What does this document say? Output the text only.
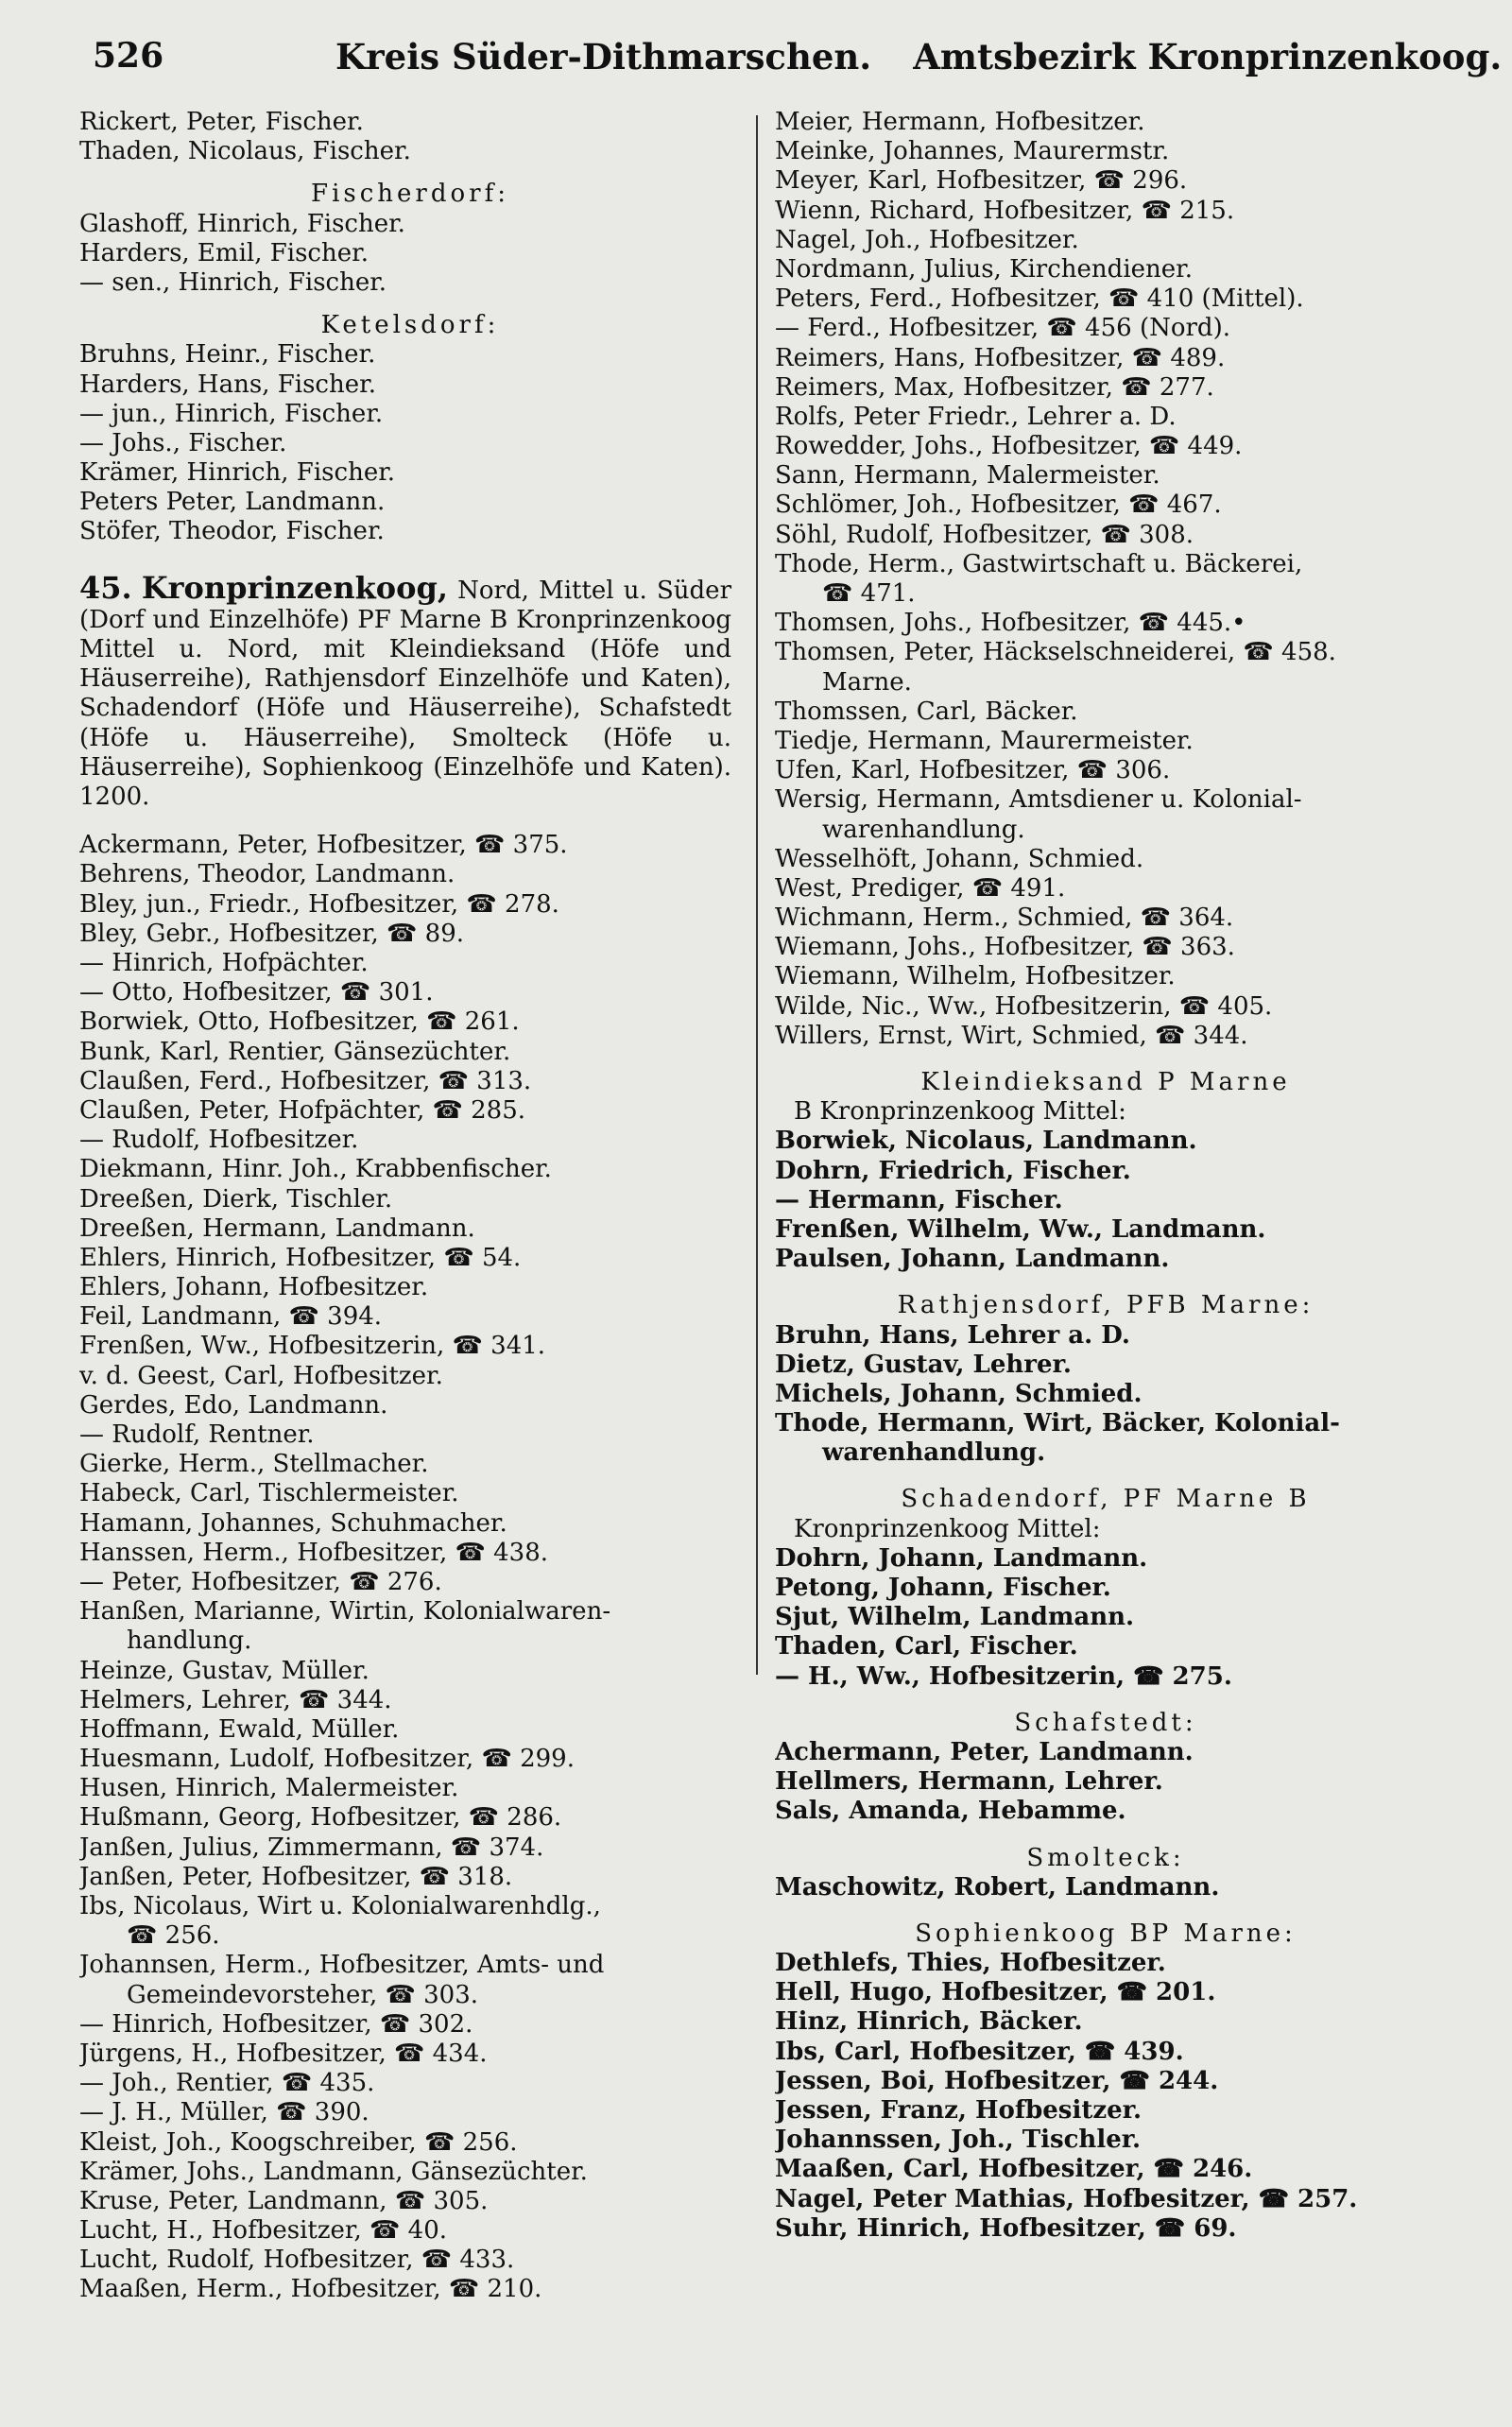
526	Kreis Süder-Dithmarschen. Amtsbezirk Kronprinzenkoog.
Rickert, Peter, Fischer.
Thaden, Nicolaus, Fischer.
Fischerdorf:
Glashoff, Hinrich, Fischer.
Harders, Emil, Fischer.
— sen., Hinrich, Fischer.
Ketelsdorf:
Bruhns, Heinr., Fischer.
Harders, Hans, Fischer.
— jun., Hinrich, Fischer.
— Johs., Fischer.
Krämer, Hinrich, Fischer.
Peters Peter, Landmann.
Stöfer, Theodor, Fischer.
45. Kronprinzenkoog, Nord, Mittel u. Süder (Dorf und Einzelhöfe) PF Marne B Kronprinzenkoog Mittel u. Nord, mit Kleindieksand (Höfe und Häuserreihe), Rathjensdorf Einzelhöfe und Katen), Schadendorf (Höfe und Häuserreihe), Schafstedt (Höfe u. Häuserreihe), Smolteck (Höfe u. Häuserreihe), Sophienkoog (Einzelhöfe und Katen). 1200.
Ackermann, Peter, Hofbesitzer, ☎ 375.
Behrens, Theodor, Landmann.
Bley, jun., Friedr., Hofbesitzer, ☎ 278.
Bley, Gebr., Hofbesitzer, ☎ 89.
— Hinrich, Hofpächter.
— Otto, Hofbesitzer, ☎ 301.
Borwiek, Otto, Hofbesitzer, ☎ 261.
Bunk, Karl, Rentier, Gänsezüchter.
Claußen, Ferd., Hofbesitzer, ☎ 313.
Claußen, Peter, Hofpächter, ☎ 285.
— Rudolf, Hofbesitzer.
Diekmann, Hinr. Joh., Krabbenfischer.
Dreeßen, Dierk, Tischler.
Dreeßen, Hermann, Landmann.
Ehlers, Hinrich, Hofbesitzer, ☎ 54.
Ehlers, Johann, Hofbesitzer.
Feil, Landmann, ☎ 394.
Frenßen, Ww., Hofbesitzerin, ☎ 341.
v. d. Geest, Carl, Hofbesitzer.
Gerdes, Edo, Landmann.
— Rudolf, Rentner.
Gierke, Herm., Stellmacher.
Habeck, Carl, Tischlermeister.
Hamann, Johannes, Schuhmacher.
Hanssen, Herm., Hofbesitzer, ☎ 438.
— Peter, Hofbesitzer, ☎ 276.
Hanßen, Marianne, Wirtin, Kolonialwaren-
handlung.
Heinze, Gustav, Müller.
Helmers, Lehrer, ☎ 344.
Hoffmann, Ewald, Müller.
Huesmann, Ludolf, Hofbesitzer, ☎ 299.
Husen, Hinrich, Malermeister.
Hußmann, Georg, Hofbesitzer, ☎ 286.
Janßen, Julius, Zimmermann, ☎ 374.
Janßen, Peter, Hofbesitzer, ☎ 318.
Ibs, Nicolaus, Wirt u. Kolonialwarenhdlg.,
☎ 256.
Johannsen, Herm., Hofbesitzer, Amts- und
Gemeindevorsteher, ☎ 303.
— Hinrich, Hofbesitzer, ☎ 302.
Jürgens, H., Hofbesitzer, ☎ 434.
— Joh., Rentier, ☎ 435.
— J. H., Müller, ☎ 390.
Kleist, Joh., Koogschreiber, ☎ 256.
Krämer, Johs., Landmann, Gänsezüchter.
Kruse, Peter, Landmann, ☎ 305.
Lucht, H., Hofbesitzer, ☎ 40.
Lucht, Rudolf, Hofbesitzer, ☎ 433.
Maaßen, Herm., Hofbesitzer, ☎ 210.
Meier, Hermann, Hofbesitzer.
Meinke, Johannes, Maurermstr.
Meyer, Karl, Hofbesitzer, ☎ 296.
Wienn, Richard, Hofbesitzer, ☎ 215.
Nagel, Joh., Hofbesitzer.
Nordmann, Julius, Kirchendiener.
Peters, Ferd., Hofbesitzer, ☎ 410 (Mittel).
— Ferd., Hofbesitzer, ☎ 456 (Nord).
Reimers, Hans, Hofbesitzer, ☎ 489.
Reimers, Max, Hofbesitzer, ☎ 277.
Rolfs, Peter Friedr., Lehrer a. D.
Rowedder, Johs., Hofbesitzer, ☎ 449.
Sann, Hermann, Malermeister.
Schlömer, Joh., Hofbesitzer, ☎ 467.
Söhl, Rudolf, Hofbesitzer, ☎ 308.
Thode, Herm., Gastwirtschaft u. Bäckerei,
☎ 471.
Thomsen, Johs., Hofbesitzer, ☎ 445.•
Thomsen, Peter, Häckselschneiderei, ☎ 458.
Marne.
Thomssen, Carl, Bäcker.
Tiedje, Hermann, Maurermeister.
Ufen, Karl, Hofbesitzer, ☎ 306.
Wersig, Hermann, Amtsdiener u. Kolonial-
warenhandlung.
Wesselhöft, Johann, Schmied.
West, Prediger, ☎ 491.
Wichmann, Herm., Schmied, ☎ 364.
Wiemann, Johs., Hofbesitzer, ☎ 363.
Wiemann, Wilhelm, Hofbesitzer.
Wilde, Nic., Ww., Hofbesitzerin, ☎ 405.
Willers, Ernst, Wirt, Schmied, ☎ 344.
Kleindieksand P Marne
B Kronprinzenkoog Mittel:
Borwiek, Nicolaus, Landmann.
Dohrn, Friedrich, Fischer.
— Hermann, Fischer.
Frenßen, Wilhelm, Ww., Landmann.
Paulsen, Johann, Landmann.
Rathjensdorf, PFB Marne:
Bruhn, Hans, Lehrer a. D.
Dietz, Gustav, Lehrer.
Michels, Johann, Schmied.
Thode, Hermann, Wirt, Bäcker, Kolonial-
warenhandlung.
Schadendorf, PF Marne B
Kronprinzenkoog Mittel:
Dohrn, Johann, Landmann.
Petong, Johann, Fischer.
Sjut, Wilhelm, Landmann.
Thaden, Carl, Fischer.
— H., Ww., Hofbesitzerin, ☎ 275.
Schafstedt:
Achermann, Peter, Landmann.
Hellmers, Hermann, Lehrer.
Sals, Amanda, Hebamme.
Smolteck:
Maschowitz, Robert, Landmann.
Sophienkoog BP Marne:
Dethlefs, Thies, Hofbesitzer.
Hell, Hugo, Hofbesitzer, ☎ 201.
Hinz, Hinrich, Bäcker.
Ibs, Carl, Hofbesitzer, ☎ 439.
Jessen, Boi, Hofbesitzer, ☎ 244.
Jessen, Franz, Hofbesitzer.
Johannssen, Joh., Tischler.
Maaßen, Carl, Hofbesitzer, ☎ 246.
Nagel, Peter Mathias, Hofbesitzer, ☎ 257.
Suhr, Hinrich, Hofbesitzer, ☎ 69.
